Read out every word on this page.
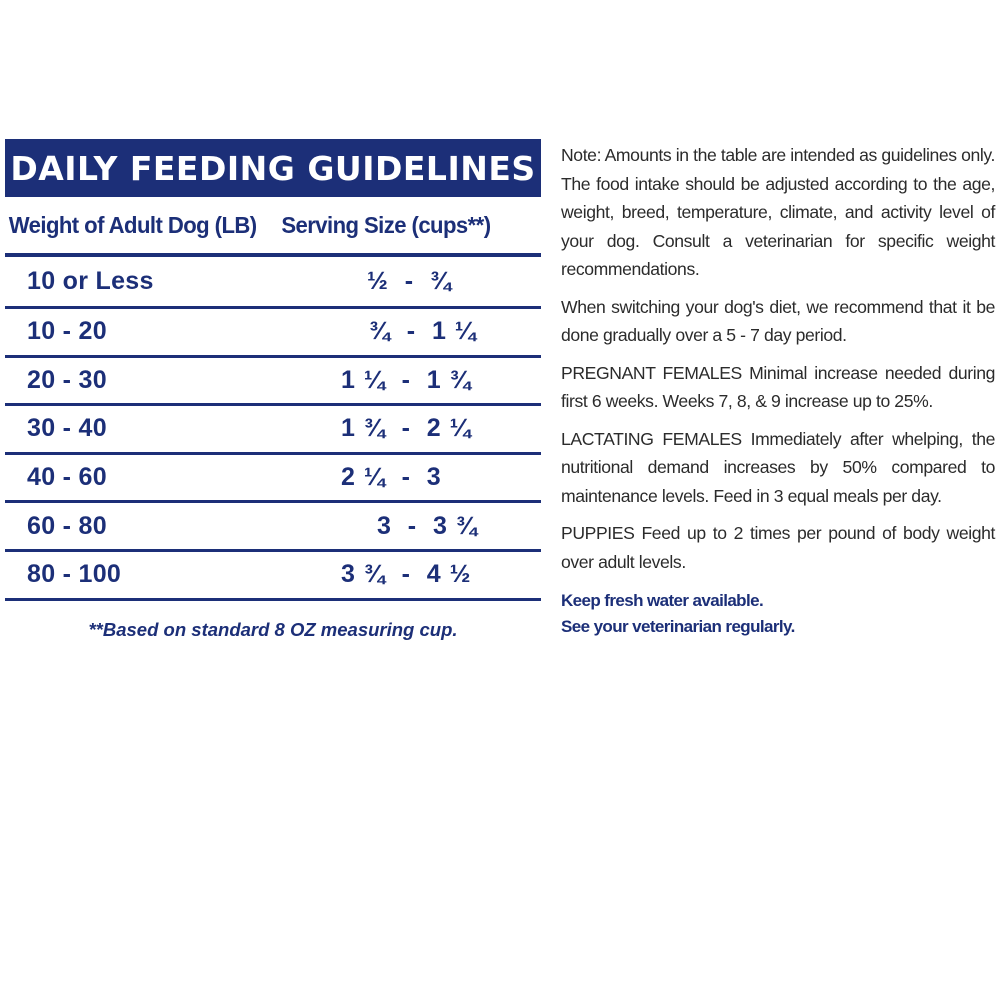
DAILY FEEDING GUIDELINES
Weight of Adult Dog (LB)	Serving Size (cups**)
10 or Less	½  -  ¾
10 - 20	¾  -  1 ¼
20 - 30	1 ¼  -  1 ¾
30 - 40	1 ¾  -  2 ¼
40 - 60	2 ¼  -  3
60 - 80	3  -  3 ¾
80 - 100	3 ¾  -  4 ½
**Based on standard 8 OZ measuring cup.

Note: Amounts in the table are intended as guidelines only. The food intake should be adjusted according to the age, weight, breed, temperature, climate, and activity level of your dog. Consult a veterinarian for specific weight recommendations.

When switching your dog's diet, we recommend that it be done gradually over a 5 - 7 day period.

PREGNANT FEMALES Minimal increase needed during first 6 weeks. Weeks 7, 8, & 9 increase up to 25%.

LACTATING FEMALES Immediately after whelping, the nutritional demand increases by 50% compared to maintenance levels. Feed in 3 equal meals per day.

PUPPIES Feed up to 2 times per pound of body weight over adult levels.

Keep fresh water available.
See your veterinarian regularly.
